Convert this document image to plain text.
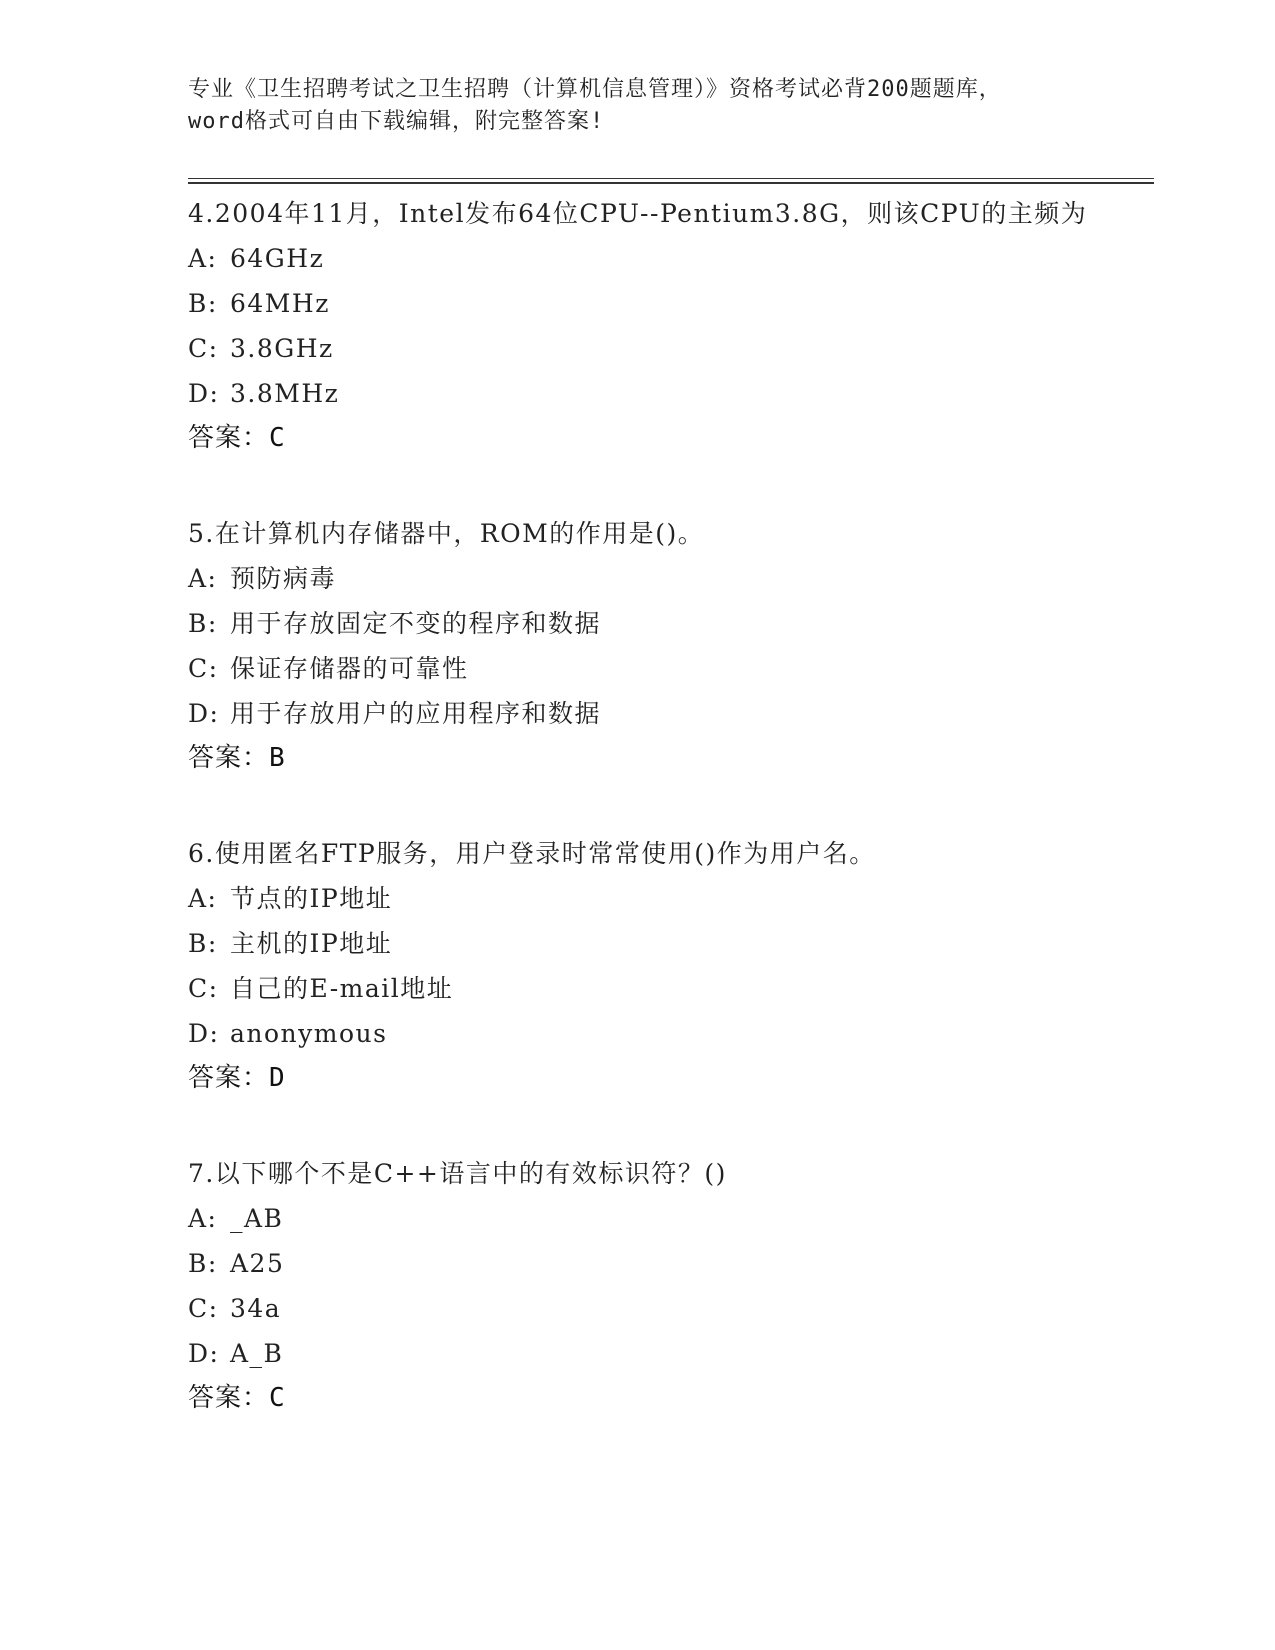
专业《卫生招聘考试之卫生招聘（计算机信息管理）》资格考试必背200题题库，
word格式可自由下载编辑，附完整答案!

4.2004年11月，Intel发布64位CPU--Pentium3.8G，则该CPU的主频为

A: 64GHz

B: 64MHz

C: 3.8GHz

D: 3.8MHz

答案：C

5.在计算机内存储器中，ROM的作用是()。

A: 预防病毒

B: 用于存放固定不变的程序和数据

C: 保证存储器的可靠性

D: 用于存放用户的应用程序和数据

答案：B

6.使用匿名FTP服务，用户登录时常常使用()作为用户名。

A: 节点的IP地址

B: 主机的IP地址

C: 自己的E-mail地址

D: anonymous

答案：D

7.以下哪个不是C++语言中的有效标识符？()

A: _AB

B: A25

C: 34a

D: A_B

答案：C
